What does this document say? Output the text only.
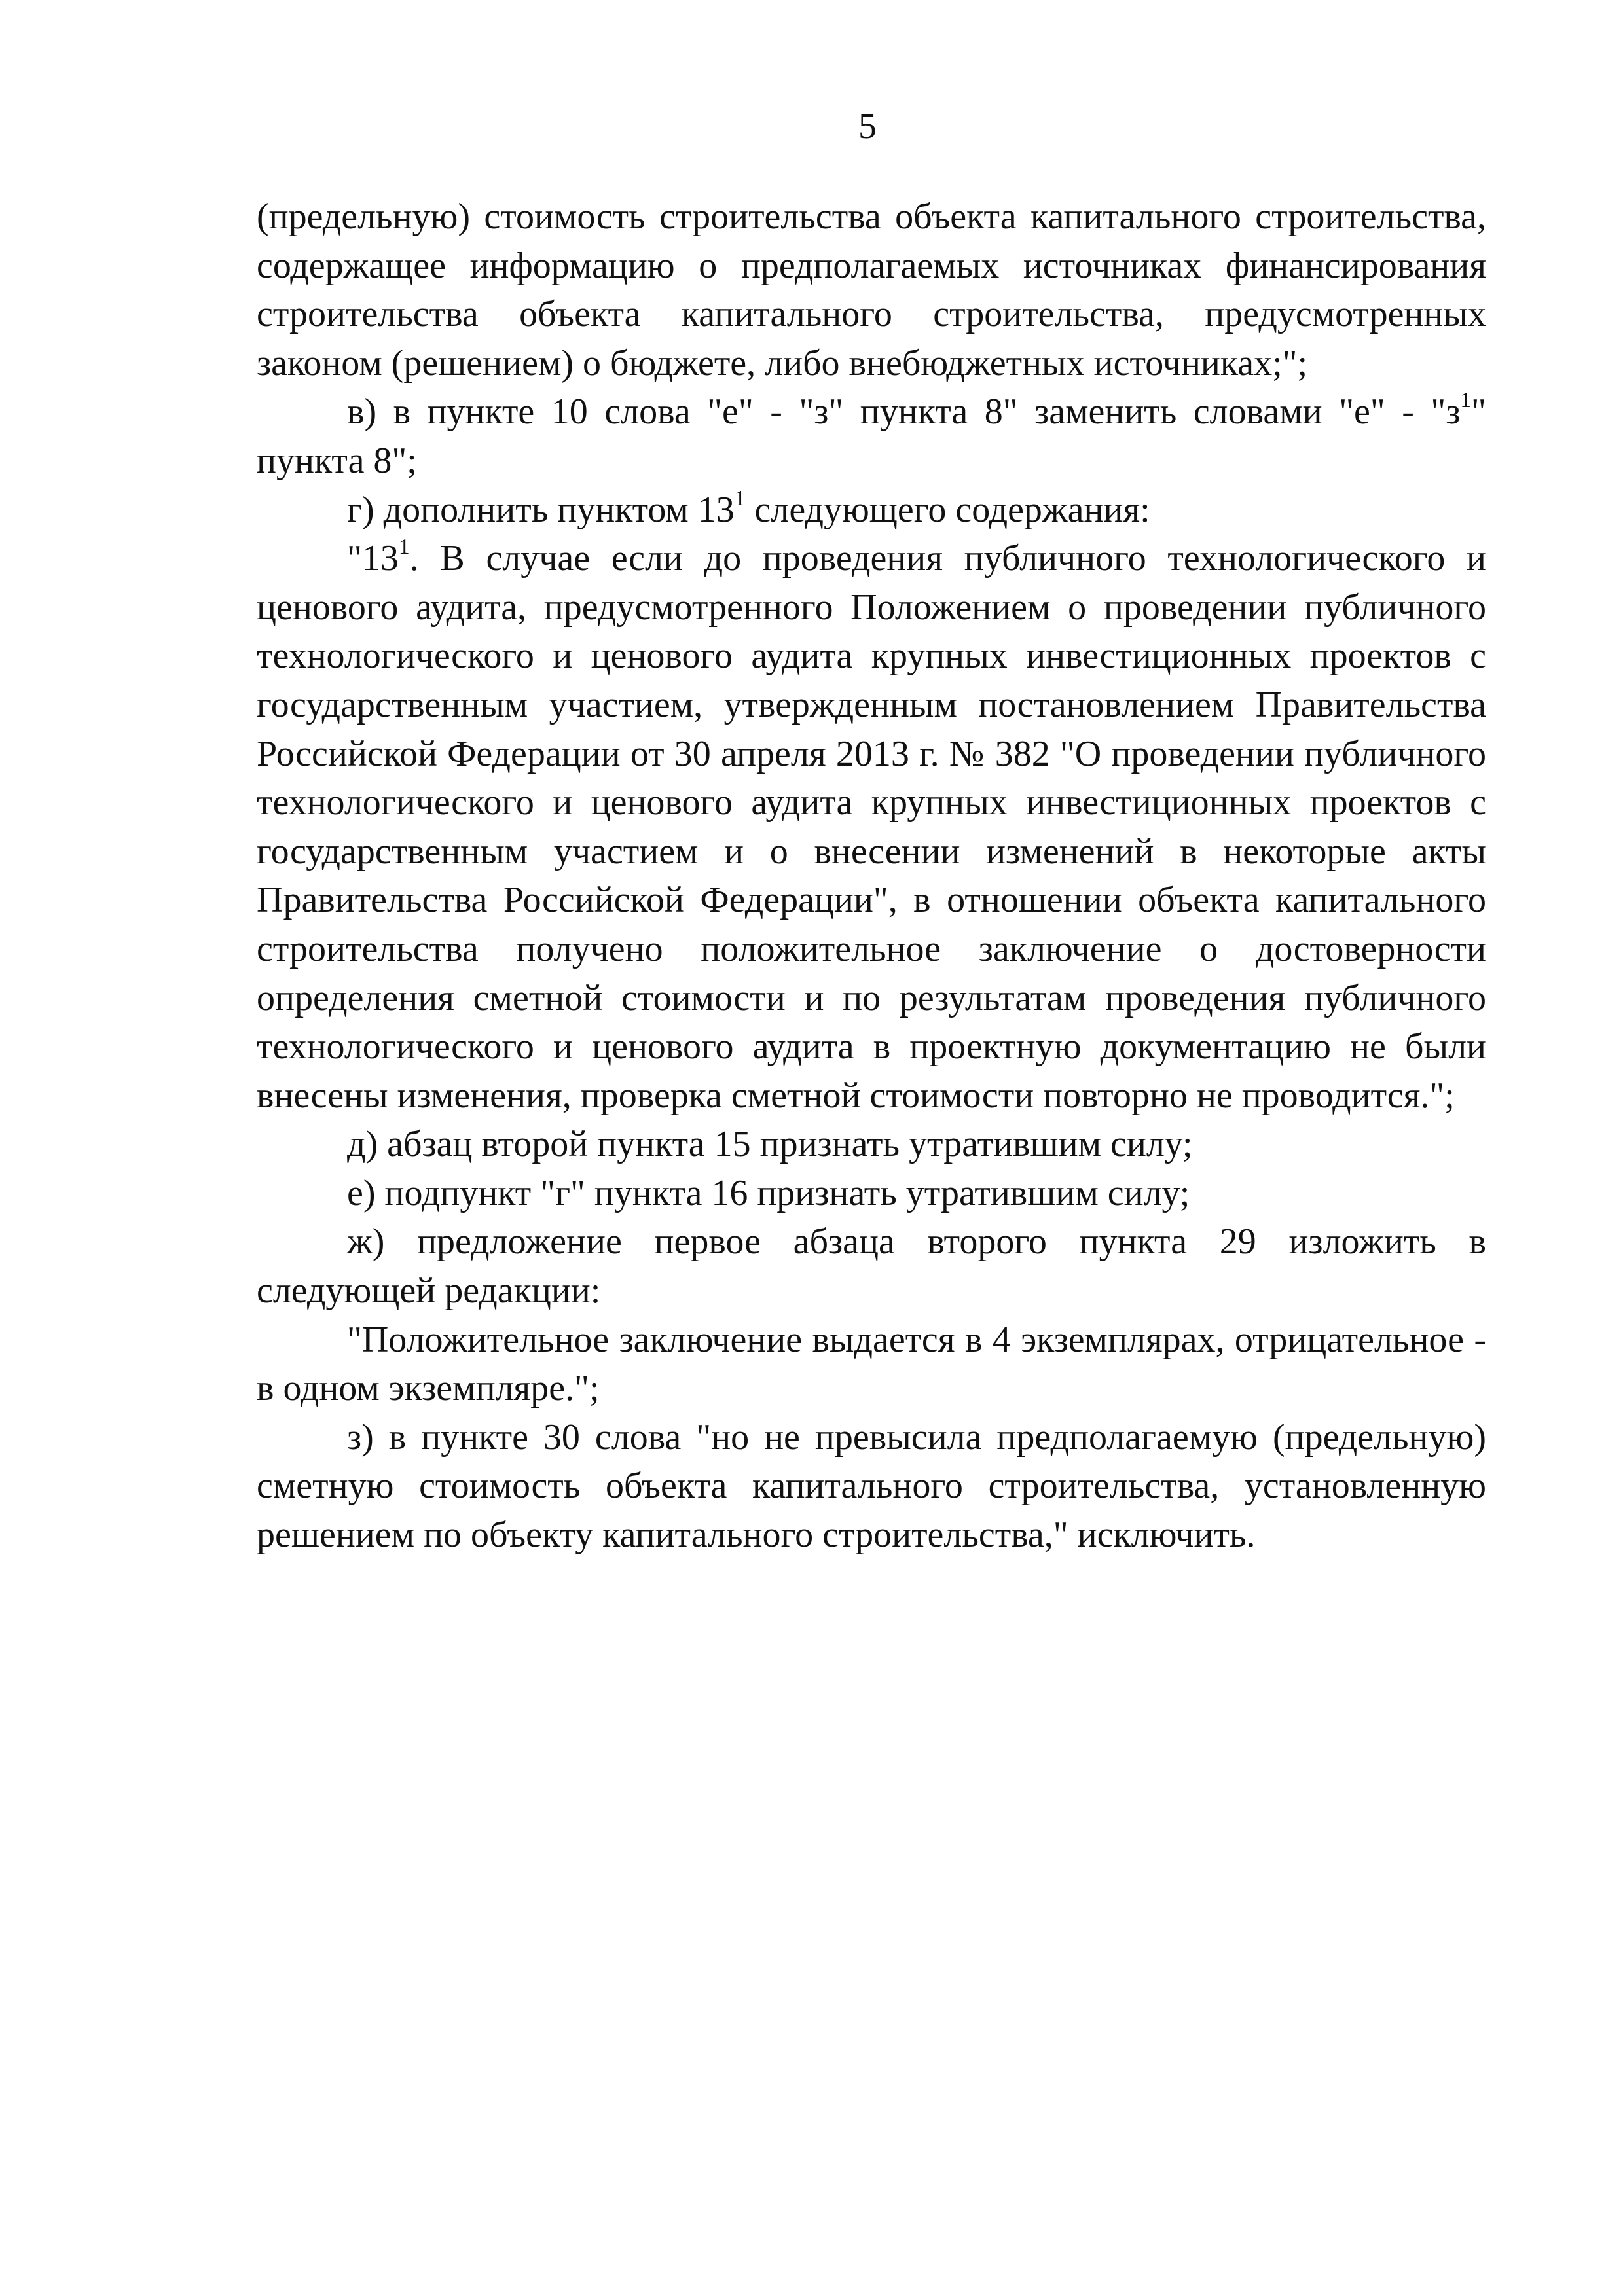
5

(предельную) стоимость строительства объекта капитального строительства, содержащее информацию о предполагаемых источниках финансирования строительства объекта капитального строительства, предусмотренных законом (решением) о бюджете, либо внебюджетных источниках;";

в) в пункте 10 слова "е" - "з" пункта 8" заменить словами "е" - "$з^1$" пункта 8";

г) дополнить пунктом $13^1$ следующего содержания:

"$13^1$. В случае если до проведения публичного технологического и ценового аудита, предусмотренного Положением о проведении публичного технологического и ценового аудита крупных инвестиционных проектов с государственным участием, утвержденным постановлением Правительства Российской Федерации от 30 апреля 2013 г. № 382 "О проведении публичного технологического и ценового аудита крупных инвестиционных проектов с государственным участием и о внесении изменений в некоторые акты Правительства Российской Федерации", в отношении объекта капитального строительства получено положительное заключение о достоверности определения сметной стоимости и по результатам проведения публичного технологического и ценового аудита в проектную документацию не были внесены изменения, проверка сметной стоимости повторно не проводится.";

д) абзац второй пункта 15 признать утратившим силу;

е) подпункт "г" пункта 16 признать утратившим силу;

ж) предложение первое абзаца второго пункта 29 изложить в следующей редакции:

"Положительное заключение выдается в 4 экземплярах, отрицательное - в одном экземпляре.";

з) в пункте 30 слова "но не превысила предполагаемую (предельную) сметную стоимость объекта капитального строительства, установленную решением по объекту капитального строительства," исключить.
